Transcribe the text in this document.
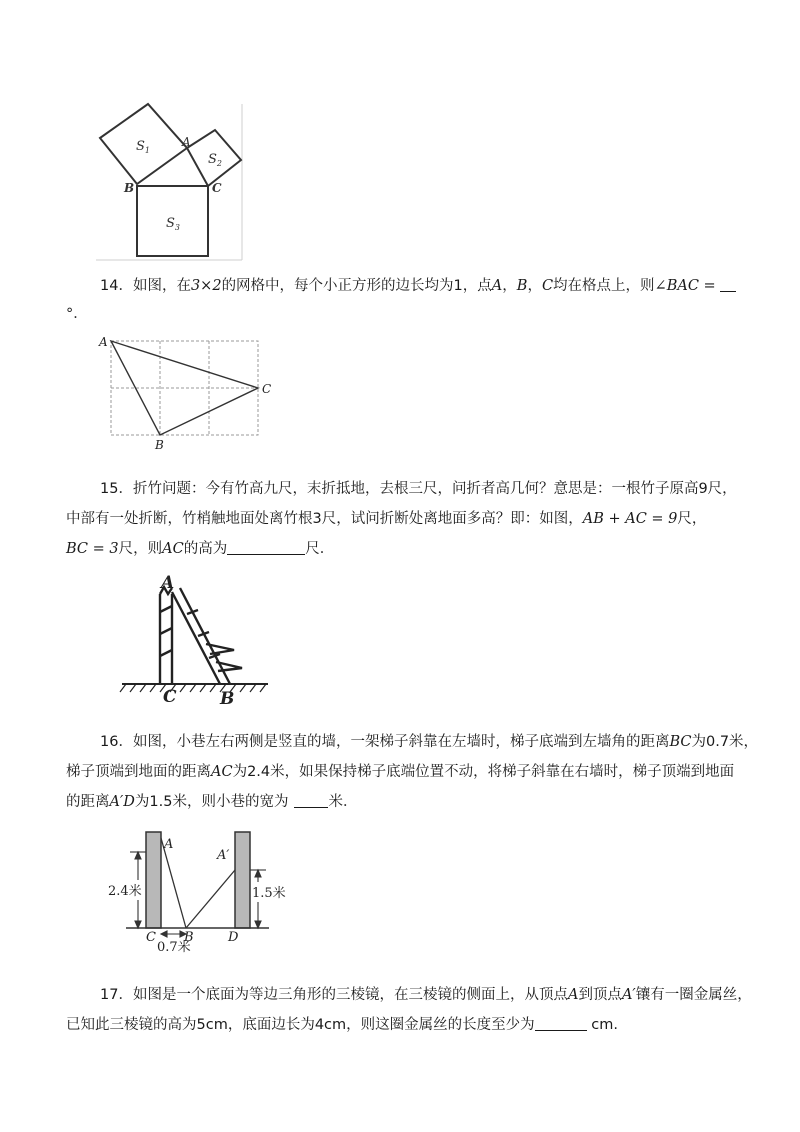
$S_1$
$S_2$
$S_3$
A
B	C
14．如图，在3×2的网格中，每个小正方形的边长均为1，点A，B，C均在格点上，则∠BAC =
°．
A
B
C
15．折竹问题：今有竹高九尺，末折抵地，去根三尺，问折者高几何？意思是：一根竹子原高9尺，
中部有一处折断，竹梢触地面处离竹根3尺，试问折断处离地面多高？即：如图，AB + AC = 9尺，
BC = 3尺，则AC的高为	尺．
A
C	B
16．如图，小巷左右两侧是竖直的墙，一架梯子斜靠在左墙时，梯子底端到左墙角的距离BC为0.7米，
梯子顶端到地面的距离AC为2.4米，如果保持梯子底端位置不动，将梯子斜靠在右墙时，梯子顶端到地面
的距离A′D为1.5米，则小巷的宽为	米．
2.4米	1.5米
0.7米
A
A′
C B	D
17．如图是一个底面为等边三角形的三棱镜，在三棱镜的侧面上，从顶点A到顶点A′镶有一圈金属丝，
已知此三棱镜的高为5cm，底面边长为4cm，则这圈金属丝的长度至少为	cm.
